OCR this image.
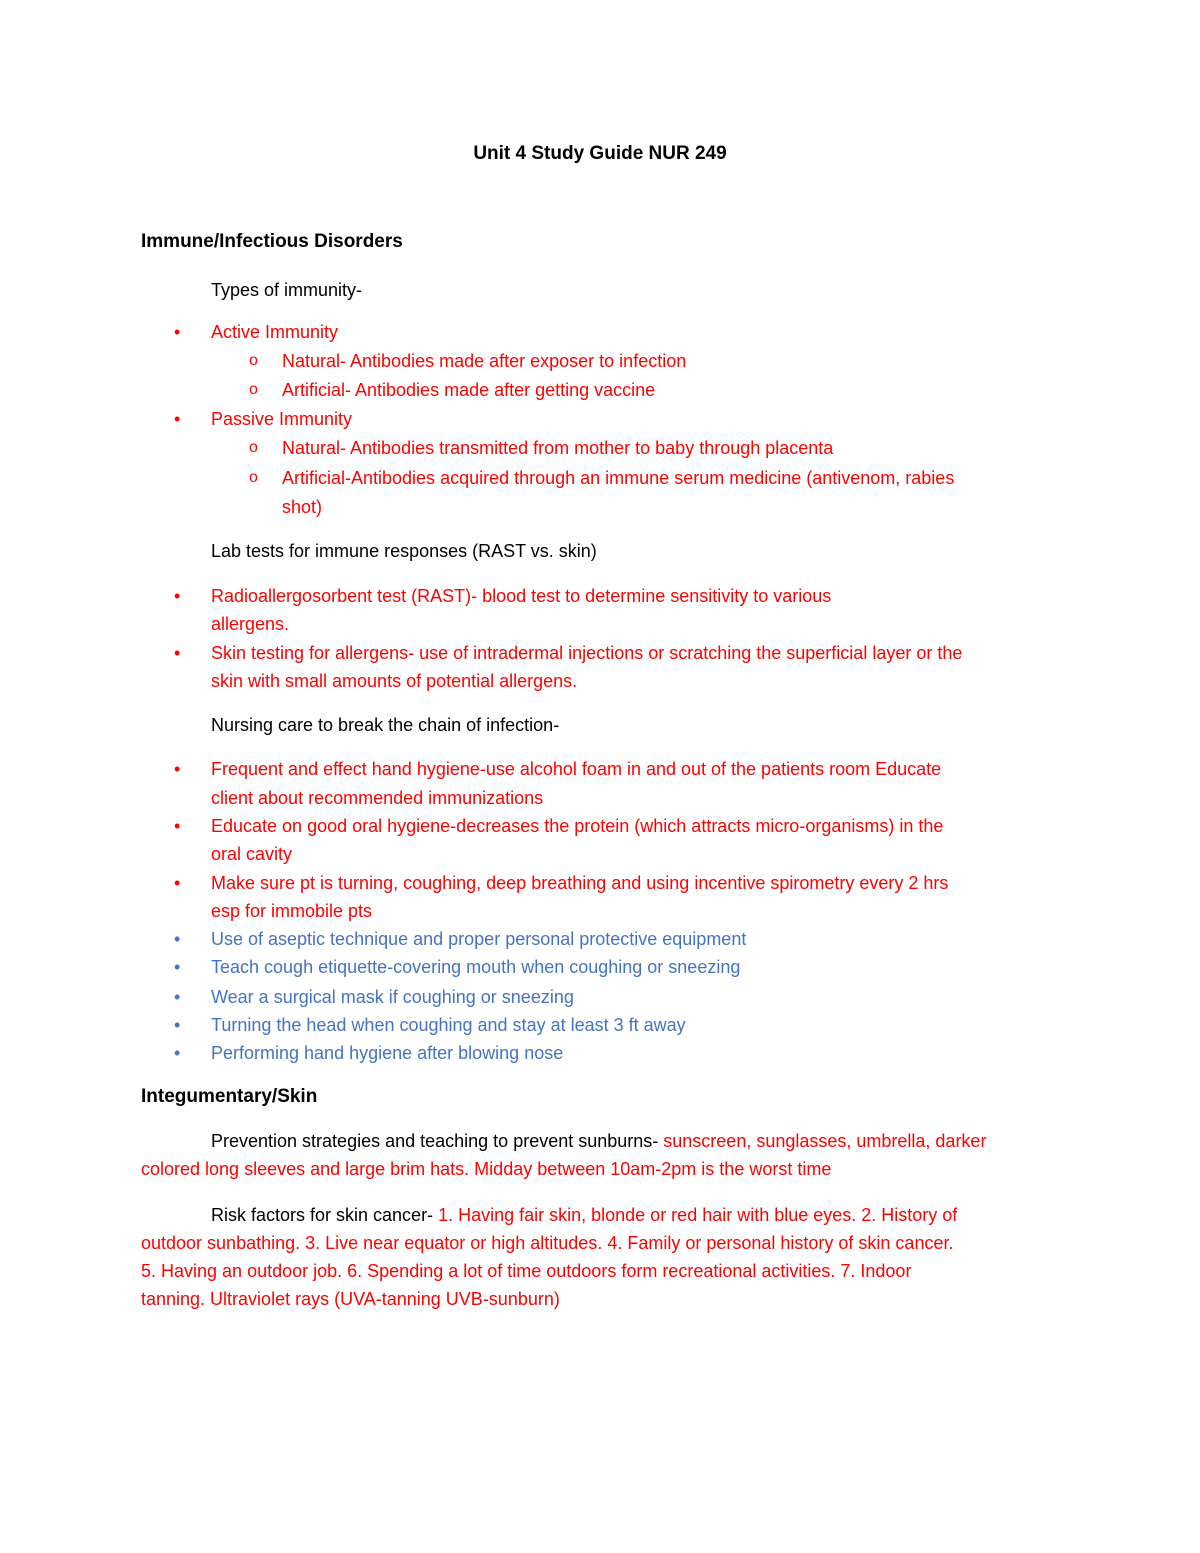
Unit 4 Study Guide NUR 249
Immune/Infectious Disorders
Types of immunity-
• Active Immunity
o Natural- Antibodies made after exposer to infection
o Artificial- Antibodies made after getting vaccine
• Passive Immunity
o Natural- Antibodies transmitted from mother to baby through placenta
o Artificial-Antibodies acquired through an immune serum medicine (antivenom, rabies
shot)
Lab tests for immune responses (RAST vs. skin)
• Radioallergosorbent test (RAST)- blood test to determine sensitivity to various
allergens.
• Skin testing for allergens- use of intradermal injections or scratching the superficial layer or the
skin with small amounts of potential allergens.
Nursing care to break the chain of infection-
• Frequent and effect hand hygiene-use alcohol foam in and out of the patients room Educate
client about recommended immunizations
• Educate on good oral hygiene-decreases the protein (which attracts micro-organisms) in the
oral cavity
• Make sure pt is turning, coughing, deep breathing and using incentive spirometry every 2 hrs
esp for immobile pts
• Use of aseptic technique and proper personal protective equipment
• Teach cough etiquette-covering mouth when coughing or sneezing
• Wear a surgical mask if coughing or sneezing
• Turning the head when coughing and stay at least 3 ft away
• Performing hand hygiene after blowing nose
Integumentary/Skin
Prevention strategies and teaching to prevent sunburns- sunscreen, sunglasses, umbrella, darker
colored long sleeves and large brim hats. Midday between 10am-2pm is the worst time
Risk factors for skin cancer- 1. Having fair skin, blonde or red hair with blue eyes. 2. History of
outdoor sunbathing. 3. Live near equator or high altitudes. 4. Family or personal history of skin cancer.
5. Having an outdoor job. 6. Spending a lot of time outdoors form recreational activities. 7. Indoor
tanning. Ultraviolet rays (UVA-tanning UVB-sunburn)
